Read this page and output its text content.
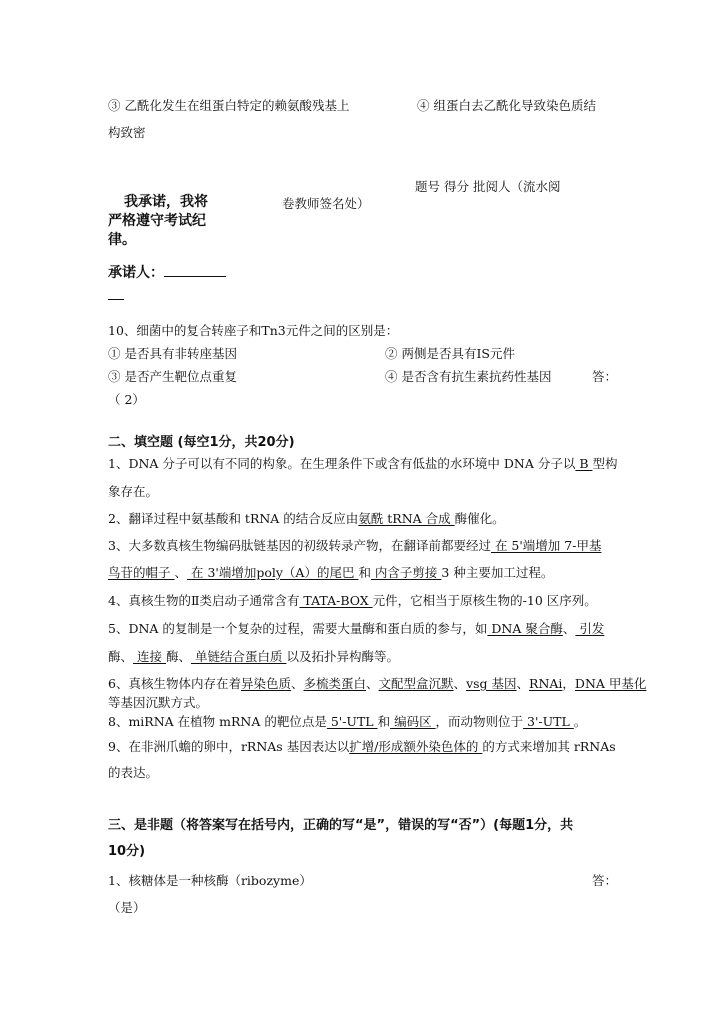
③ 乙酰化发生在组蛋白特定的赖氨酸残基上	④ 组蛋白去乙酰化导致染色质结
构致密
题号 得分 批阅人（流水阅
卷教师签名处）
我承诺，我将
严格遵守考试纪
律。
承诺人：
10、细菌中的复合转座子和Tn3元件之间的区别是：
① 是否具有非转座基因	② 两侧是否具有IS元件
③ 是否产生靶位点重复	④ 是否含有抗生素抗药性基因	答：
（ 2）
二、填空题 (每空1分，共20分)
1、DNA 分子可以有不同的构象。在生理条件下或含有低盐的水环境中 DNA 分子以 B 型构
象存在。
2、翻译过程中氨基酸和 tRNA 的结合反应由氨酰 tRNA 合成 酶催化。
3、大多数真核生物编码肽链基因的初级转录产物，在翻译前都要经过 在 5'端增加 7-甲基
鸟苷的帽子 、 在 3'端增加poly（A）的尾巴 和 内含子剪接 3 种主要加工过程。
4、真核生物的Ⅱ类启动子通常含有 TATA-BOX 元件，它相当于原核生物的-10 区序列。
5、DNA 的复制是一个复杂的过程，需要大量酶和蛋白质的参与，如 DNA 聚合酶、 引发
酶、 连接 酶、 单链结合蛋白质 以及拓扑异构酶等。
6、真核生物体内存在着异染色质、多梳类蛋白、文配型盒沉默、vsg 基因、RNAi，DNA 甲基化
等基因沉默方式。
8、miRNA 在植物 mRNA 的靶位点是 5'-UTL 和 编码区 ，而动物则位于 3'-UTL 。
9、在非洲爪蟾的卵中，rRNAs 基因表达以扩增/形成额外染色体的 的方式来增加其 rRNAs
的表达。
三、是非题（将答案写在括号内，正确的写“是”，错误的写“否”）(每题1分，共
10分)
1、核糖体是一种核酶（ribozyme）	答：
（是）
